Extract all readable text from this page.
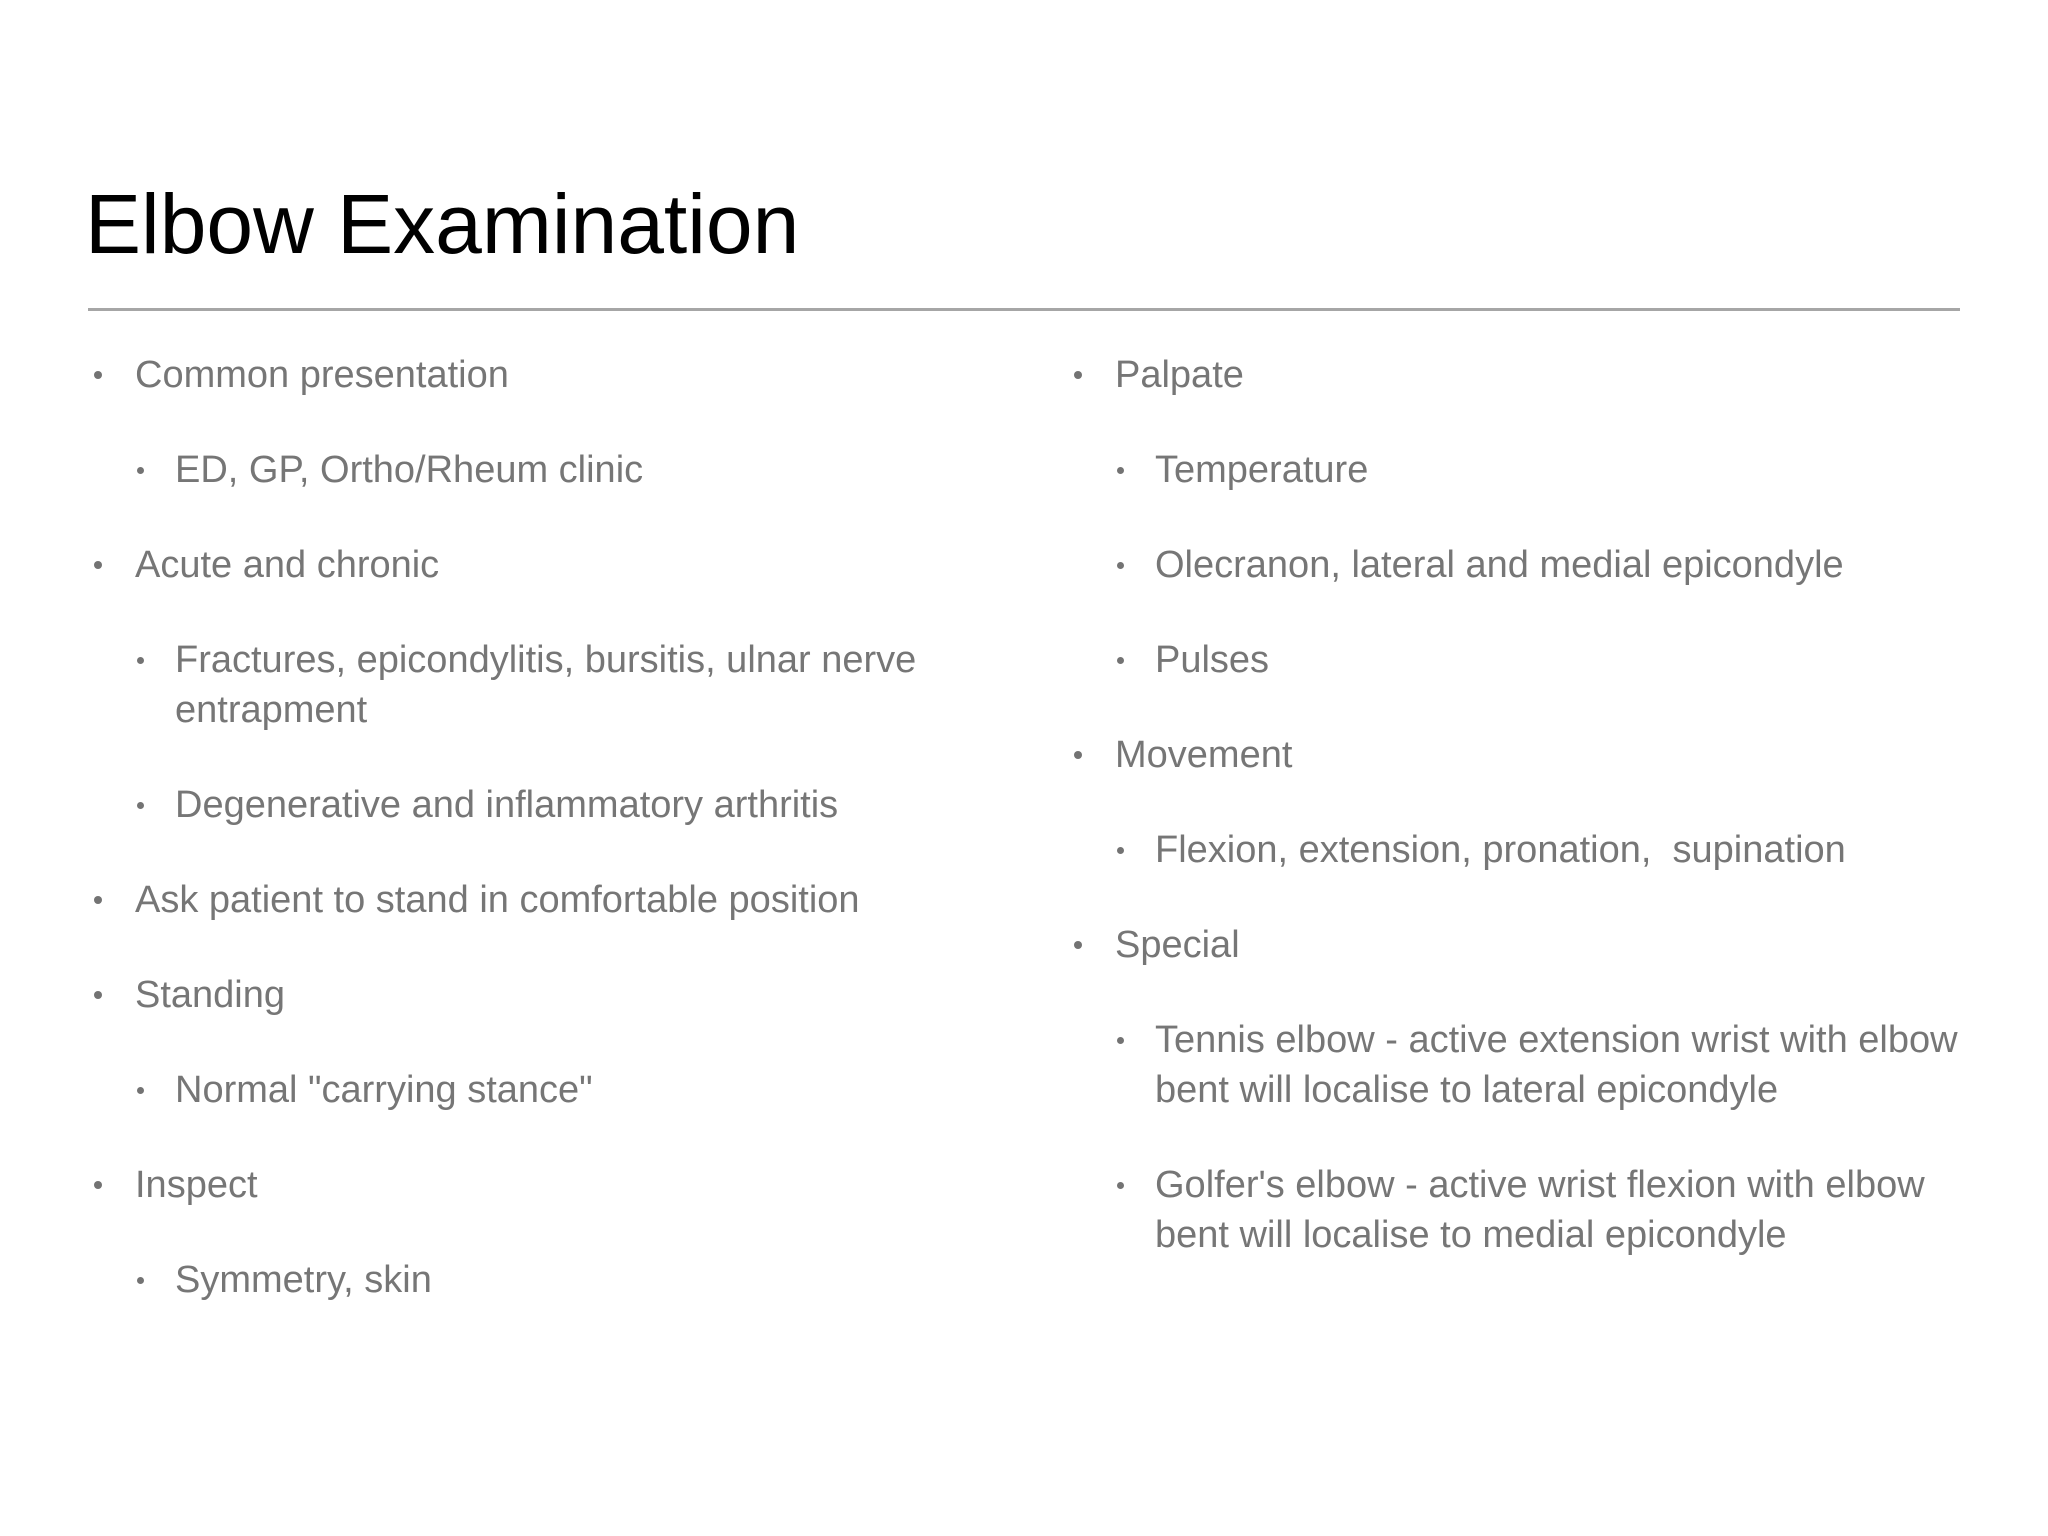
Elbow Examination
Common presentation
ED, GP, Ortho/Rheum clinic
Acute and chronic
Fractures, epicondylitis, bursitis, ulnar nerve entrapment
Degenerative and inflammatory arthritis
Ask patient to stand in comfortable position
Standing
Normal "carrying stance"
Inspect
Symmetry, skin
Palpate
Temperature
Olecranon, lateral and medial epicondyle
Pulses
Movement
Flexion, extension, pronation,  supination
Special
Tennis elbow - active extension wrist with elbow bent will localise to lateral epicondyle
Golfer's elbow - active wrist flexion with elbow bent will localise to medial epicondyle
